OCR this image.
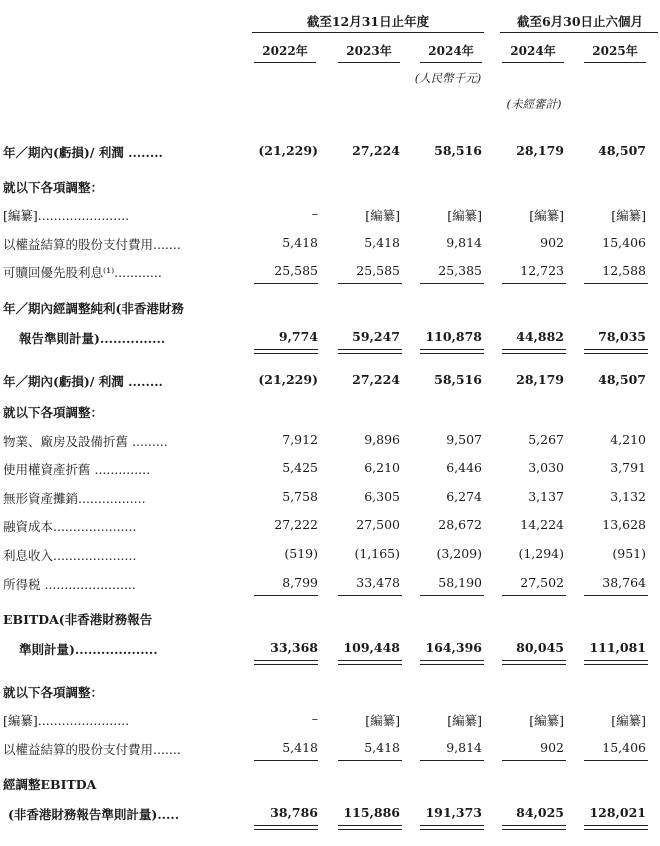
截至12月31日止年度	截至6月30日止六個月
2022年	2023年	2024年	2024年	2025年
(人民幣千元)
(未經審計)
年／期內(虧損)/ 利潤 ........	(21,229)	27,224	58,516	28,179	48,507
就以下各項調整：
[編纂].......................	–	[編纂]	[編纂]	[編纂]	[編纂]
以權益結算的股份支付費用.......	5,418	5,418	9,814	902	15,406
可贖回優先股利息⁽¹⁾............	25,585	25,585	25,385	12,723	12,588
年／期內經調整純利(非香港財務
報告準則計量)...............	9,774	59,247 110,878	44,882	78,035
年／期內(虧損)/ 利潤 ........	(21,229)	27,224	58,516	28,179	48,507
就以下各項調整：
物業、廠房及設備折舊 .........	7,912	9,896	9,507	5,267	4,210
使用權資產折舊 ..............	5,425	6,210	6,446	3,030	3,791
無形資產攤銷.................	5,758	6,305	6,274	3,137	3,132
融資成本.....................	27,222	27,500	28,672	14,224	13,628
利息收入.....................	(519)	(1,165)	(3,209)	(1,294)	(951)
所得税 .......................	8,799	33,478	58,190	27,502	38,764
EBITDA(非香港財務報告
準則計量)...................	33,368 109,448 164,396	80,045 111,081
就以下各項調整：
[編纂].......................	–	[編纂]	[編纂]	[編纂]	[編纂]
以權益結算的股份支付費用.......	5,418	5,418	9,814	902	15,406
經調整EBITDA
(非香港財務報告準則計量).....	38,786 115,886 191,373	84,025 128,021
